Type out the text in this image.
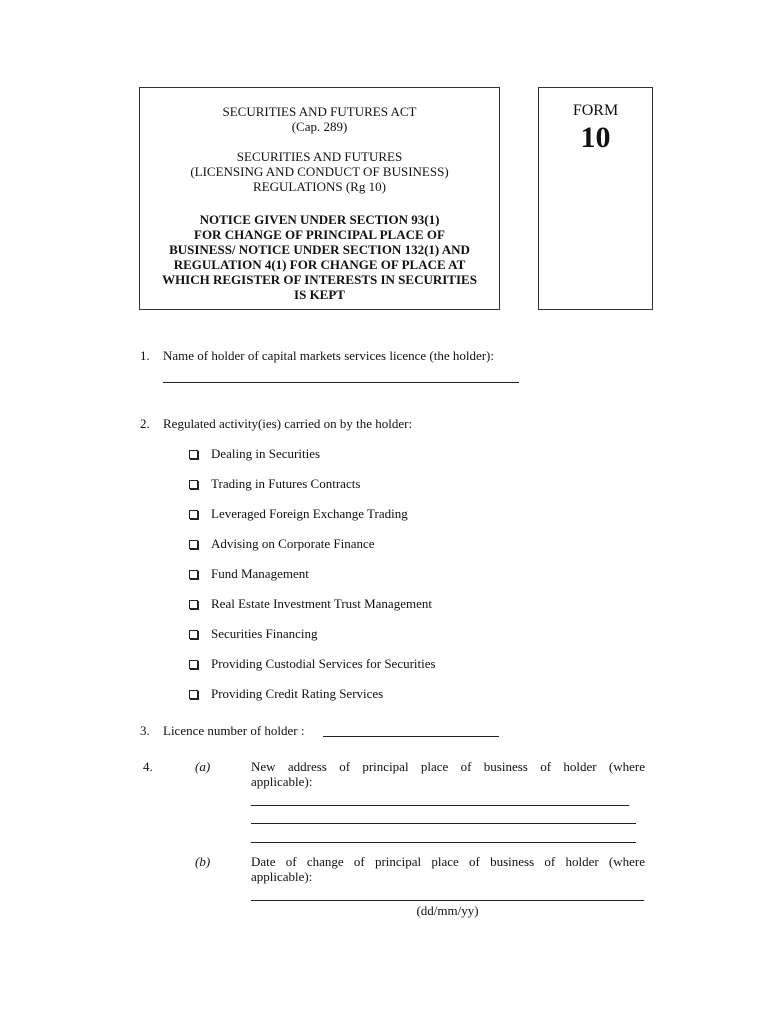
SECURITIES AND FUTURES ACT
(Cap. 289)
SECURITIES AND FUTURES
(LICENSING AND CONDUCT OF BUSINESS)
REGULATIONS (Rg 10)
NOTICE GIVEN UNDER SECTION 93(1)
FOR CHANGE OF PRINCIPAL PLACE OF
BUSINESS/ NOTICE UNDER SECTION 132(1) AND
REGULATION 4(1) FOR CHANGE OF PLACE AT
WHICH REGISTER OF INTERESTS IN SECURITIES
IS KEPT
FORM
10
1. Name of holder of capital markets services licence (the holder):
2. Regulated activity(ies) carried on by the holder:
Dealing in Securities
Trading in Futures Contracts
Leveraged Foreign Exchange Trading
Advising on Corporate Finance
Fund Management
Real Estate Investment Trust Management
Securities Financing
Providing Custodial Services for Securities
Providing Credit Rating Services
3. Licence number of holder :
4.	(a)	New address of principal place of business of holder (where
applicable):
(b)	Date of change of principal place of business of holder (where
applicable):
(dd/mm/yy)
